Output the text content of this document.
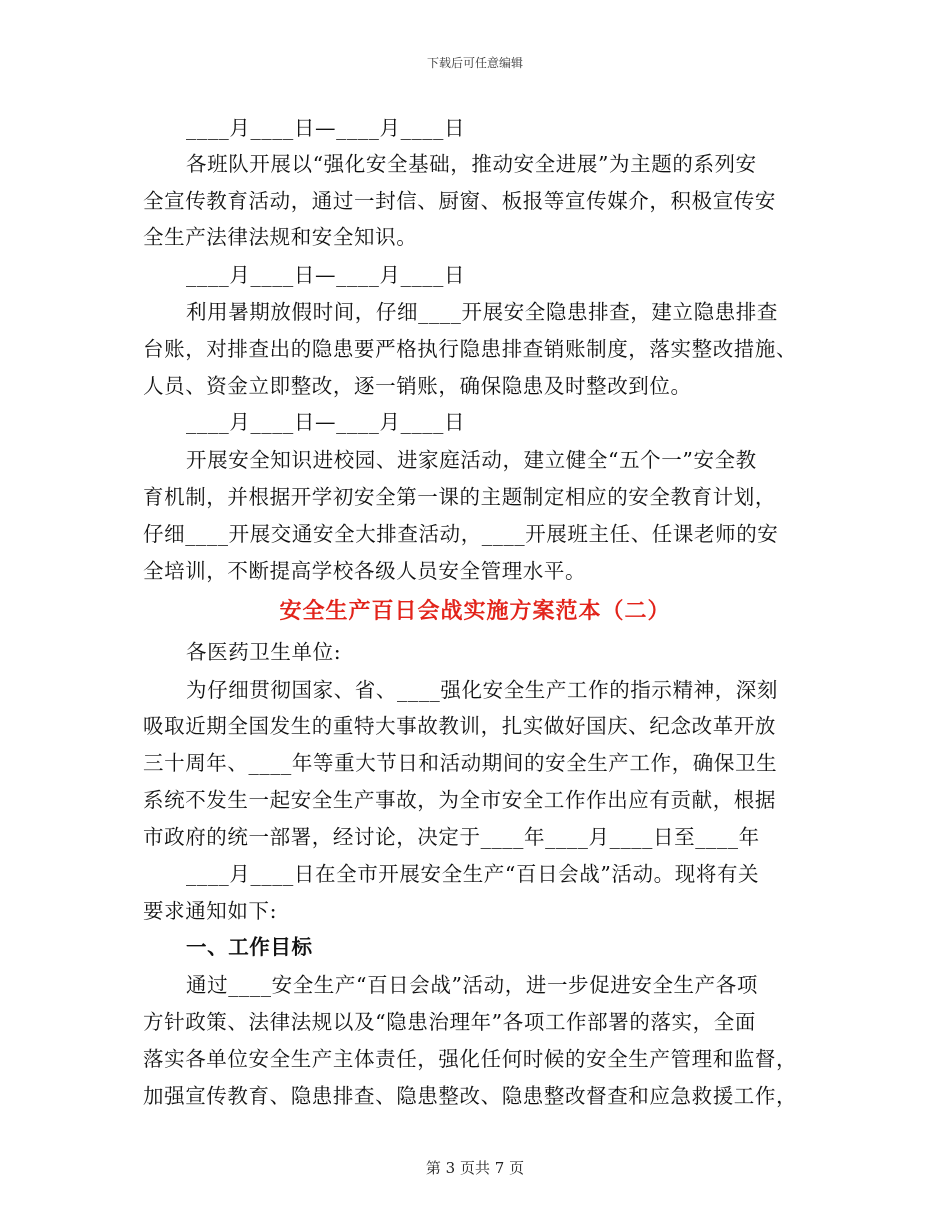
下载后可任意编辑
____月____日—____月____日
各班队开展以“强化安全基础，推动安全进展”为主题的系列安
全宣传教育活动，通过一封信、厨窗、板报等宣传媒介，积极宣传安
全生产法律法规和安全知识。
____月____日—____月____日
利用暑期放假时间，仔细____开展安全隐患排查，建立隐患排查
台账，对排查出的隐患要严格执行隐患排查销账制度，落实整改措施、
人员、资金立即整改，逐一销账，确保隐患及时整改到位。
____月____日—____月____日
开展安全知识进校园、进家庭活动，建立健全“五个一”安全教
育机制，并根据开学初安全第一课的主题制定相应的安全教育计划，
仔细____开展交通安全大排查活动，____开展班主任、任课老师的安
全培训，不断提高学校各级人员安全管理水平。
安全生产百日会战实施方案范本（二）
各医药卫生单位:
为仔细贯彻国家、省、____强化安全生产工作的指示精神，深刻
吸取近期全国发生的重特大事故教训，扎实做好国庆、纪念改革开放
三十周年、____年等重大节日和活动期间的安全生产工作，确保卫生
系统不发生一起安全生产事故，为全市安全工作作出应有贡献，根据
市政府的统一部署，经讨论，决定于____年____月____日至____年
____月____日在全市开展安全生产“百日会战”活动。现将有关
要求通知如下:
一、工作目标
通过____安全生产“百日会战”活动，进一步促进安全生产各项
方针政策、法律法规以及“隐患治理年”各项工作部署的落实，全面
落实各单位安全生产主体责任，强化任何时候的安全生产管理和监督，
加强宣传教育、隐患排查、隐患整改、隐患整改督查和应急救援工作，
第 3 页共 7 页
